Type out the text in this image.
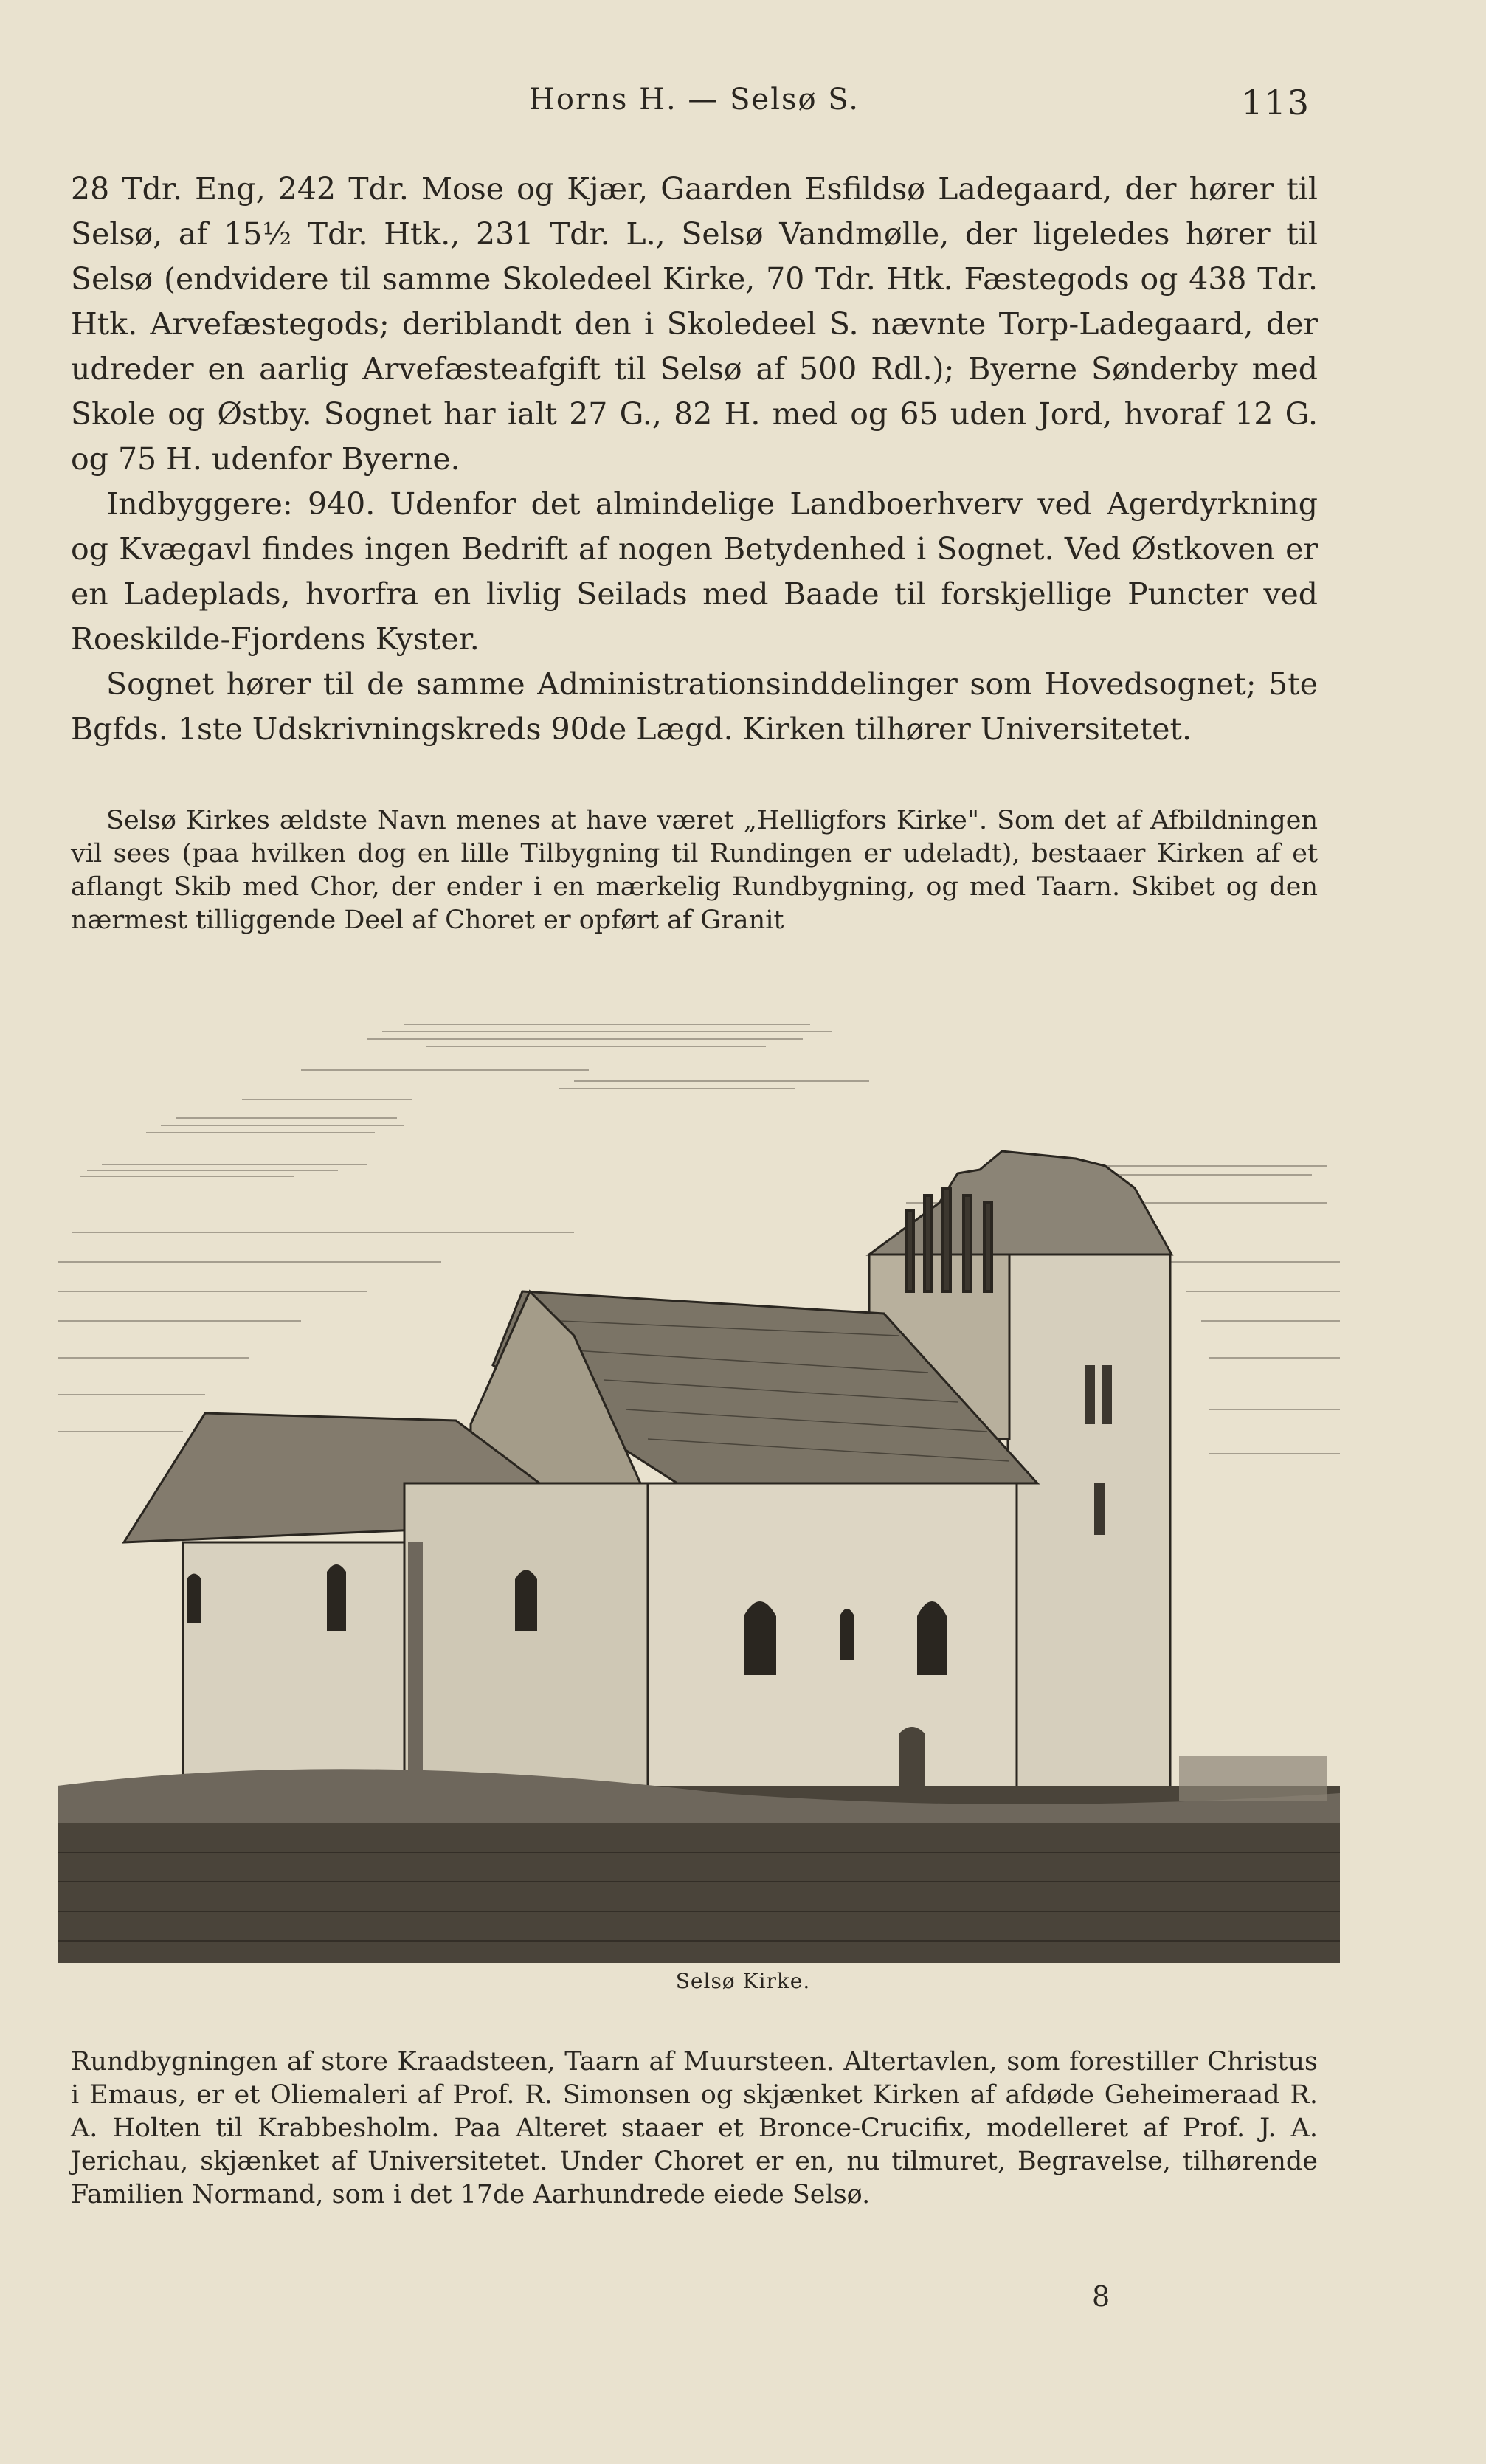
Horns H. — Selsø S.	113

28 Tdr. Eng, 242 Tdr. Mose og Kjær, Gaarden Esfildsø Ladegaard, der hører til Selsø, af 15½ Tdr. Htk., 231 Tdr. L., Selsø Vandmølle, der ligeledes hører til Selsø (endvidere til samme Skoledeel Kirke, 70 Tdr. Htk. Fæstegods og 438 Tdr. Htk. Arvefæstegods; deriblandt den i Skoledeel S. nævnte Torp-Ladegaard, der udreder en aarlig Arvefæsteafgift til Selsø af 500 Rdl.); Byerne Sønderby med Skole og Østby. Sognet har ialt 27 G., 82 H. med og 65 uden Jord, hvoraf 12 G. og 75 H. udenfor Byerne.

Indbyggere: 940. Udenfor det almindelige Landboerhverv ved Agerdyrkning og Kvægavl findes ingen Bedrift af nogen Betydenhed i Sognet. Ved Østkoven er en Ladeplads, hvorfra en livlig Seilads med Baade til forskjellige Puncter ved Roeskilde-Fjordens Kyster.

Sognet hører til de samme Administrationsinddelinger som Hovedsognet; 5te Bgfds. 1ste Udskrivningskreds 90de Lægd. Kirken tilhører Universitetet.

Selsø Kirkes ældste Navn menes at have været „Helligfors Kirke". Som det af Afbildningen vil sees (paa hvilken dog en lille Tilbygning til Rundingen er udeladt), bestaaer Kirken af et aflangt Skib med Chor, der ender i en mærkelig Rundbygning, og med Taarn. Skibet og den nærmest tilliggende Deel af Choret er opført af Granit

Selsø Kirke.

Rundbygningen af store Kraadsteen, Taarn af Muursteen. Altertavlen, som forestiller Christus i Emaus, er et Oliemaleri af Prof. R. Simonsen og skjænket Kirken af afdøde Geheimeraad R. A. Holten til Krabbesholm. Paa Alteret staaer et Bronce-Crucifix, modelleret af Prof. J. A. Jerichau, skjænket af Universitetet. Under Choret er en, nu tilmuret, Begravelse, tilhørende Familien Normand, som i det 17de Aarhundrede eiede Selsø.

8
